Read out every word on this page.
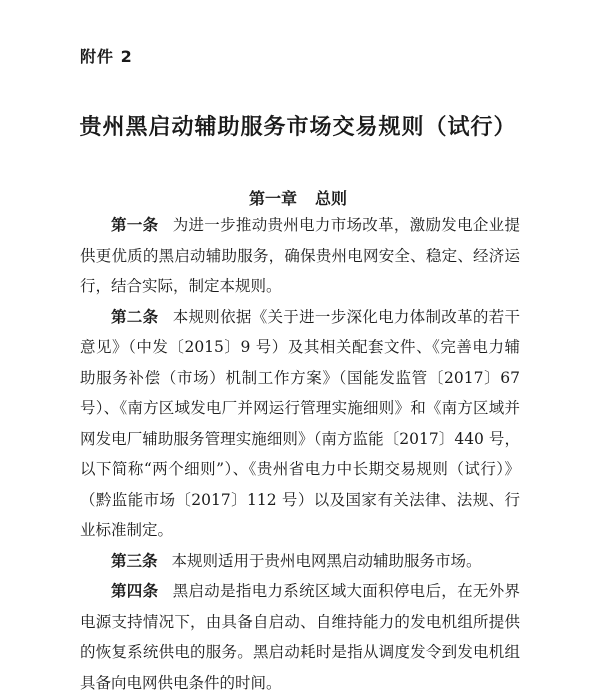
附件 2
贵州黑启动辅助服务市场交易规则（试行）
第一章 总则

第一条 为进一步推动贵州电力市场改革，激励发电企业提供更优质的黑启动辅助服务，确保贵州电网安全、稳定、经济运行，结合实际，制定本规则。

第二条 本规则依据《关于进一步深化电力体制改革的若干意见》（中发〔2015〕9 号）及其相关配套文件、《完善电力辅助服务补偿（市场）机制工作方案》（国能发监管〔2017〕67 号）、《南方区域发电厂并网运行管理实施细则》和《南方区域并网发电厂辅助服务管理实施细则》（南方监能〔2017〕440 号，以下简称“两个细则”）、《贵州省电力中长期交易规则（试行）》（黔监能市场〔2017〕112 号）以及国家有关法律、法规、行业标准制定。

第三条 本规则适用于贵州电网黑启动辅助服务市场。

第四条 黑启动是指电力系统区域大面积停电后，在无外界电源支持情况下，由具备自启动、自维持能力的发电机组所提供的恢复系统供电的服务。黑启动耗时是指从调度发令到发电机组具备向电网供电条件的时间。
